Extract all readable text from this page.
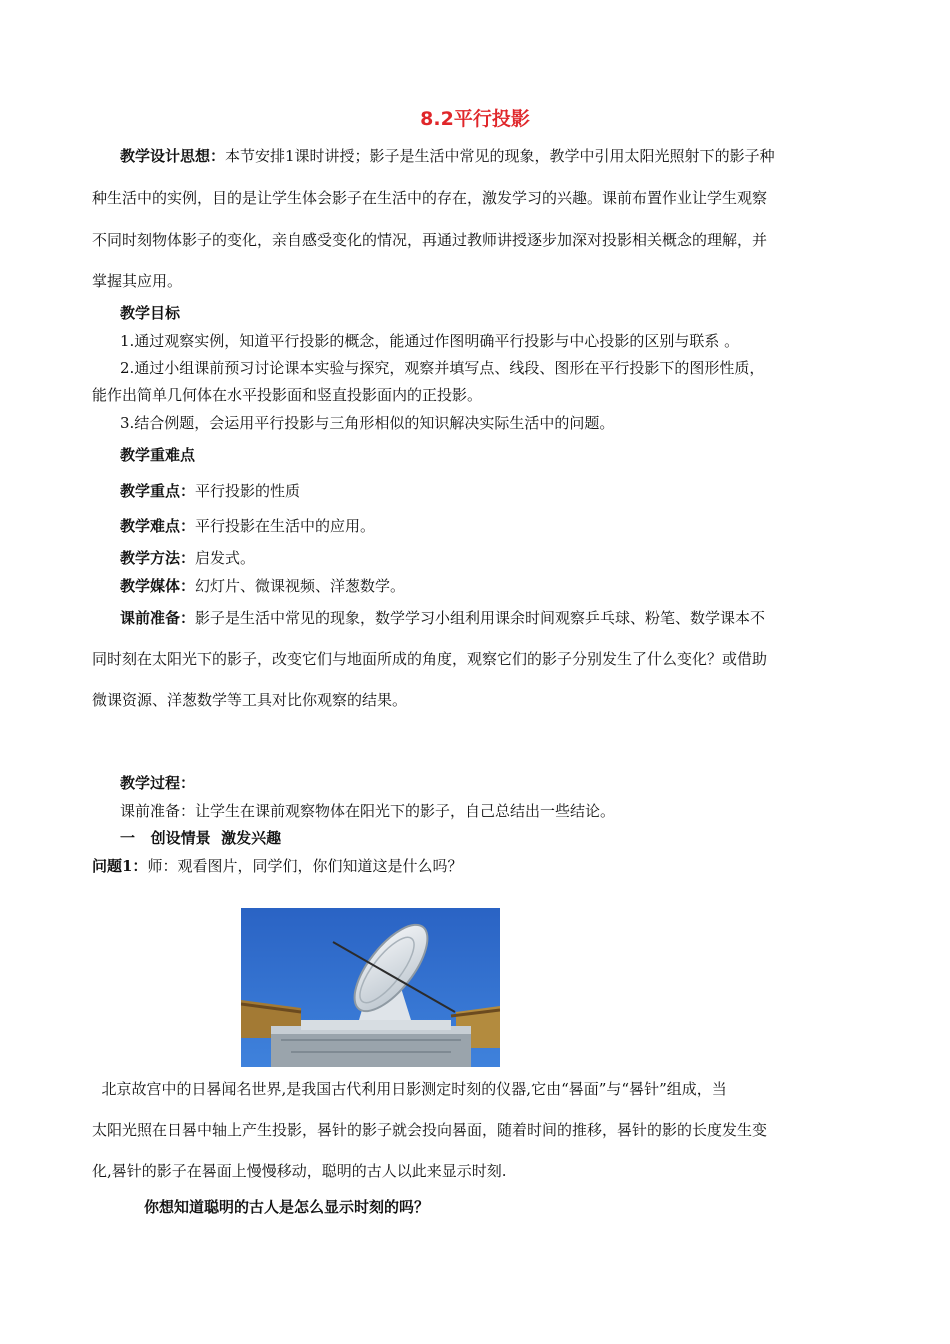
8.2平行投影
教学设计思想：本节安排1课时讲授；影子是生活中常见的现象，教学中引用太阳光照射下的影子种
种生活中的实例，目的是让学生体会影子在生活中的存在，激发学习的兴趣。课前布置作业让学生观察
不同时刻物体影子的变化，亲自感受变化的情况，再通过教师讲授逐步加深对投影相关概念的理解，并
掌握其应用。
教学目标
1.通过观察实例，知道平行投影的概念，能通过作图明确平行投影与中心投影的区别与联系 。
2.通过小组课前预习讨论课本实验与探究，观察并填写点、线段、图形在平行投影下的图形性质，
能作出简单几何体在水平投影面和竖直投影面内的正投影。
3.结合例题，会运用平行投影与三角形相似的知识解决实际生活中的问题。
教学重难点
教学重点：平行投影的性质
教学难点：平行投影在生活中的应用。
教学方法：启发式。
教学媒体：幻灯片、微课视频、洋葱数学。
课前准备：影子是生活中常见的现象，数学学习小组利用课余时间观察乒乓球、粉笔、数学课本不
同时刻在太阳光下的影子，改变它们与地面所成的角度，观察它们的影子分别发生了什么变化？或借助
微课资源、洋葱数学等工具对比你观察的结果。
教学过程：
课前准备：让学生在课前观察物体在阳光下的影子，自己总结出一些结论。
一   创设情景  激发兴趣
问题1：师：观看图片，同学们，你们知道这是什么吗？
北京故宫中的日晷闻名世界,是我国古代利用日影测定时刻的仪器,它由“晷面”与“晷针”组成，当
太阳光照在日晷中轴上产生投影，晷针的影子就会投向晷面，随着时间的推移，晷针的影的长度发生变
化,晷针的影子在晷面上慢慢移动，聪明的古人以此来显示时刻.
你想知道聪明的古人是怎么显示时刻的吗？
